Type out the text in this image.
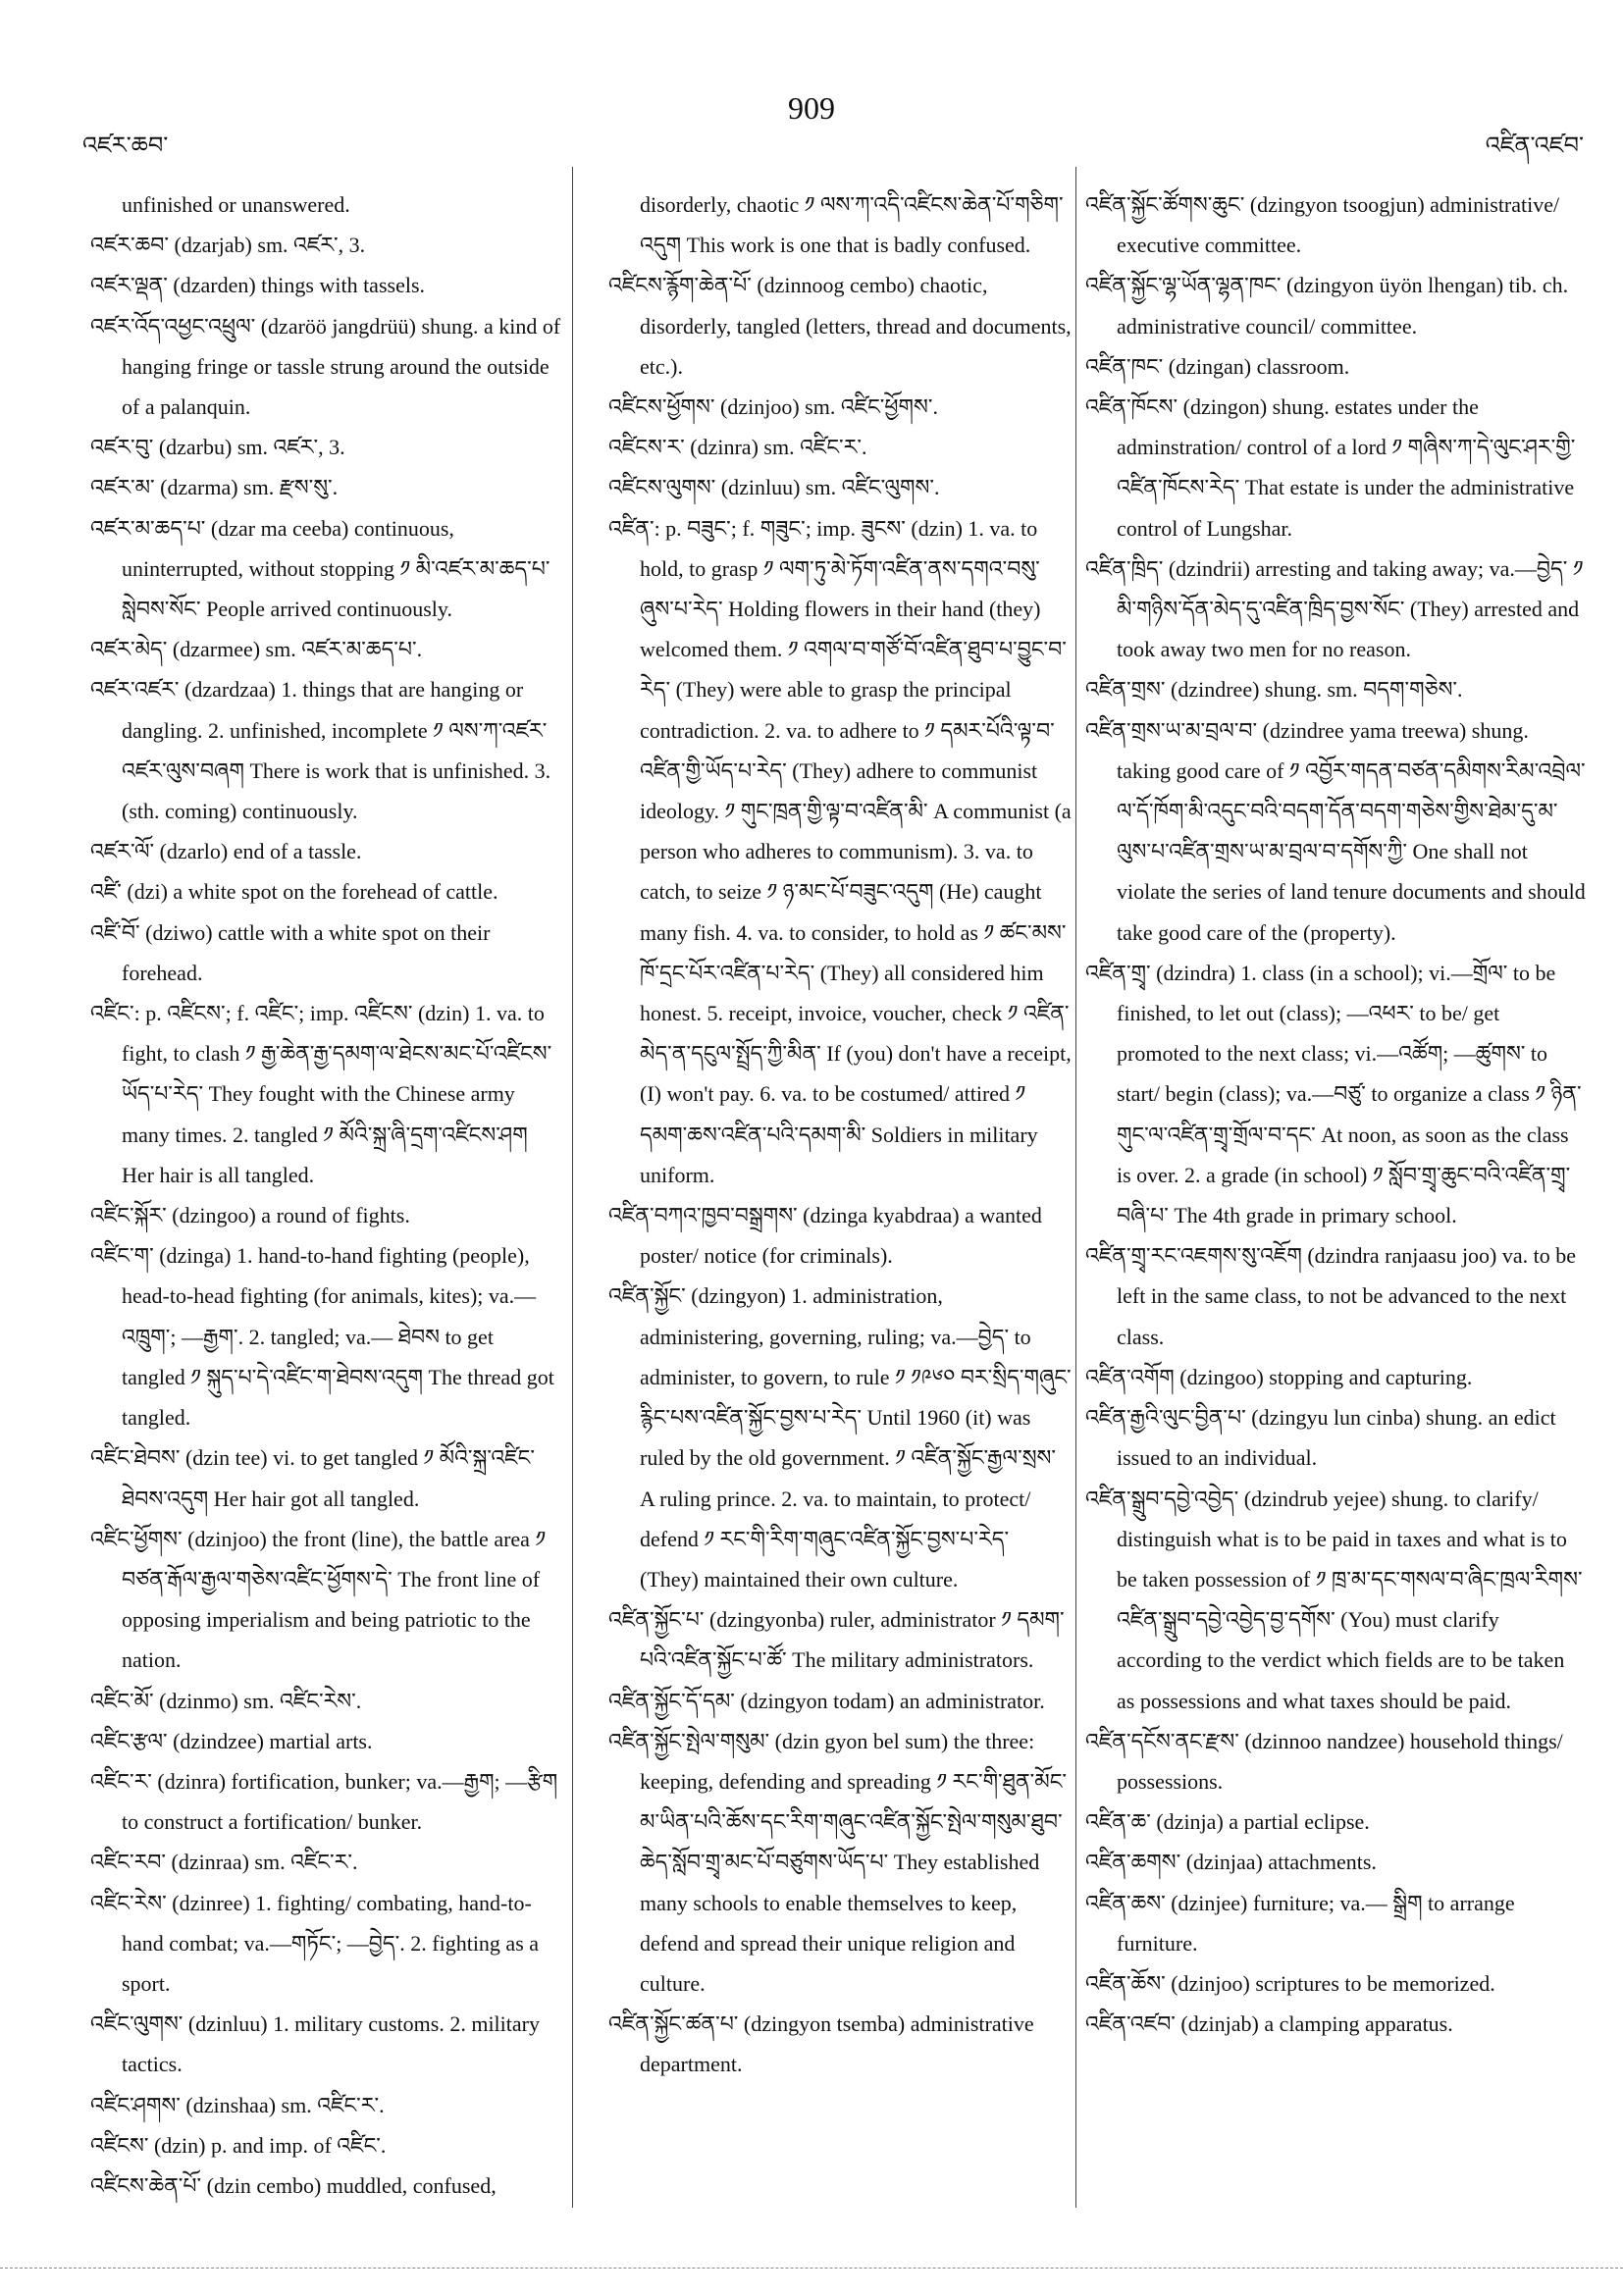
འཛར་ཆབ་
909
འཛིན་འཛབ་

unfinished or unanswered.

འཛར་ཆབ་ (dzarjab) sm. འཛར་, 3.

འཛར་ལྡན་ (dzarden) things with tassels.

འཛར་འོད་འཕྱང་འཕྲུལ་ (dzaröö jangdrüü) shung. a kind of hanging fringe or tassle strung around the outside of a palanquin.

འཛར་བུ་ (dzarbu) sm. འཛར་, 3.

འཛར་མ་ (dzarma) sm. རྫས་སུ་.

འཛར་མ་ཆད་པ་ (dzar ma ceeba) continuous, uninterrupted, without stopping ༡ མི་འཛར་མ་ཆད་པ་སླེབས་སོང་ People arrived continuously.

འཛར་མེད་ (dzarmee) sm. འཛར་མ་ཆད་པ་.

འཛར་འཛར་ (dzardzaa) 1. things that are hanging or dangling. 2. unfinished, incomplete ༡ ལས་ཀ་འཛར་འཛར་ལུས་བཞག There is work that is unfinished. 3. (sth. coming) continuously.

འཛར་ལོ་ (dzarlo) end of a tassle.

འཛི་ (dzi) a white spot on the forehead of cattle.

འཛི་བོ་ (dziwo) cattle with a white spot on their forehead.

འཛིང་: p. འཛིངས་; f. འཛིང་; imp. འཛིངས་ (dzin) 1. va. to fight, to clash ༡ རྒྱ་ཆེན་རྒྱ་དམག་ལ་ཐེངས་མང་པོ་འཛིངས་ཡོད་པ་རེད་ They fought with the Chinese army many times. 2. tangled ༡ མོའི་སྐྲ་ཞི་དྲག་འཛིངས་ཤག Her hair is all tangled.

འཛིང་སྐོར་ (dzingoo) a round of fights.

འཛིང་ག་ (dzinga) 1. hand-to-hand fighting (people), head-to-head fighting (for animals, kites); va.— འཁྲུག་; —རྒྱག་. 2. tangled; va.— ཐེབས to get tangled ༡ སྐུད་པ་དེ་འཛིང་ག་ཐེབས་འདུག The thread got tangled.

འཛིང་ཐེབས་ (dzin tee) vi. to get tangled ༡ མོའི་སྐྲ་འཛིང་ཐེབས་འདུག Her hair got all tangled.

འཛིང་ཕྱོགས་ (dzinjoo) the front (line), the battle area ༡ བཙན་རྒོལ་རྒྱལ་གཅེས་འཛིང་ཕྱོགས་དེ་ The front line of opposing imperialism and being patriotic to the nation.

འཛིང་མོ་ (dzinmo) sm. འཛིང་རེས་.

འཛིང་རྩལ་ (dzindzee) martial arts.

འཛིང་ར་ (dzinra) fortification, bunker; va.—རྒྱག; —རྩིག to construct a fortification/ bunker.

འཛིང་རབ་ (dzinraa) sm. འཛིང་ར་.

འཛིང་རེས་ (dzinree) 1. fighting/ combating, hand-to-hand combat; va.—གཏོང་; —བྱེད་. 2. fighting as a sport.

འཛིང་ལུགས་ (dzinluu) 1. military customs. 2. military tactics.

འཛིང་ཤགས་ (dzinshaa) sm. འཛིང་ར་.

འཛིངས་ (dzin) p. and imp. of འཛིང་.

འཛིངས་ཆེན་པོ་ (dzin cembo) muddled, confused,

disorderly, chaotic ༡ ལས་ཀ་འདི་འཛིངས་ཆེན་པོ་གཅིག་འདུག This work is one that is badly confused.

འཛིངས་རྙོག་ཆེན་པོ་ (dzinnoog cembo) chaotic, disorderly, tangled (letters, thread and documents, etc.).

འཛིངས་ཕྱོགས་ (dzinjoo) sm. འཛིང་ཕྱོགས་.

འཛིངས་ར་ (dzinra) sm. འཛིང་ར་.

འཛིངས་ལུགས་ (dzinluu) sm. འཛིང་ལུགས་.

འཛིན་: p. བཟུང་; f. གཟུང་; imp. ཟུངས་ (dzin) 1. va. to hold, to grasp ༡ ལག་ཏུ་མེ་ཏོག་འཛིན་ནས་དགའ་བསུ་ཞུས་པ་རེད་ Holding flowers in their hand (they) welcomed them. ༡ འགལ་བ་གཙོ་བོ་འཛིན་ཐུབ་པ་བྱུང་བ་རེད་ (They) were able to grasp the principal contradiction. 2. va. to adhere to ༡ དམར་པོའི་ལྟ་བ་འཛིན་གྱི་ཡོད་པ་རེད་ (They) adhere to communist ideology. ༡ གུང་ཁྲན་གྱི་ལྟ་བ་འཛིན་མི་ A communist (a person who adheres to communism). 3. va. to catch, to seize ༡ ཉ་མང་པོ་བཟུང་འདུག (He) caught many fish. 4. va. to consider, to hold as ༡ ཚང་མས་ཁོ་དྲང་པོར་འཛིན་པ་རེད་ (They) all considered him honest. 5. receipt, invoice, voucher, check ༡ འཛིན་མེད་ན་དངུལ་སྤྲོད་ཀྱི་མིན་ If (you) don't have a receipt, (I) won't pay. 6. va. to be costumed/ attired ༡ དམག་ཆས་འཛིན་པའི་དམག་མི་ Soldiers in military uniform.

འཛིན་བཀའ་ཁྱབ་བསྒྲགས་ (dzinga kyabdraa) a wanted poster/ notice (for criminals).

འཛིན་སྐྱོང་ (dzingyon) 1. administration, administering, governing, ruling; va.—བྱེད་ to administer, to govern, to rule ༡ ༡༩༦༠ བར་སྲིད་གཞུང་རྙིང་པས་འཛིན་སྐྱོང་བྱས་པ་རེད་ Until 1960 (it) was ruled by the old government. ༡ འཛིན་སྐྱོང་རྒྱལ་སྲས་ A ruling prince. 2. va. to maintain, to protect/ defend ༡ རང་གི་རིག་གཞུང་འཛིན་སྐྱོང་བྱས་པ་རེད་ (They) maintained their own culture.

འཛིན་སྐྱོང་པ་ (dzingyonba) ruler, administrator ༡ དམག་པའི་འཛིན་སྐྱོང་པ་ཚོ་ The military administrators.

འཛིན་སྐྱོང་དོ་དམ་ (dzingyon todam) an administrator.

འཛིན་སྐྱོང་སྤེལ་གསུམ་ (dzin gyon bel sum) the three: keeping, defending and spreading ༡ རང་གི་ཐུན་མོང་མ་ཡིན་པའི་ཆོས་དང་རིག་གཞུང་འཛིན་སྐྱོང་སྤེལ་གསུམ་ཐུབ་ཆེད་སློབ་གྲྭ་མང་པོ་བཙུགས་ཡོད་པ་ They established many schools to enable themselves to keep, defend and spread their unique religion and culture.

འཛིན་སྐྱོང་ཚན་པ་ (dzingyon tsemba) administrative department.

འཛིན་སྐྱོང་ཚོགས་ཆུང་ (dzingyon tsoogjun) administrative/ executive committee.

འཛིན་སྐྱོང་ལྷ་ཡོན་ལྷན་ཁང་ (dzingyon üyön lhengan) tib. ch. administrative council/ committee.

འཛིན་ཁང་ (dzingan) classroom.

འཛིན་ཁོངས་ (dzingon) shung. estates under the adminstration/ control of a lord ༡ གཞིས་ཀ་དེ་ལུང་ཤར་གྱི་འཛིན་ཁོངས་རེད་ That estate is under the administrative control of Lungshar.

འཛིན་ཁྲིད་ (dzindrii) arresting and taking away; va.—བྱེད་ ༡ མི་གཉིས་དོན་མེད་དུ་འཛིན་ཁྲིད་བྱས་སོང་ (They) arrested and took away two men for no reason.

འཛིན་གྲས་ (dzindree) shung. sm. བདག་གཅེས་.

འཛིན་གྲས་ཡ་མ་བྲལ་བ་ (dzindree yama treewa) shung. taking good care of ༡ འབྱོར་གདན་བཙན་དམིགས་རིམ་འབྲེལ་ལ་དོ་ཁོག་མི་འདུང་བའི་བདག་དོན་བདག་གཅེས་གྱིས་ཐེམ་དུ་མ་ལུས་པ་འཛིན་གྲས་ཡ་མ་བྲལ་བ་དགོས་ཀྱི་ One shall not violate the series of land tenure documents and should take good care of the (property).

འཛིན་གྲྭ་ (dzindra) 1. class (in a school); vi.—གྲོལ་ to be finished, to let out (class); —འཕར་ to be/ get promoted to the next class; vi.—འཚོག; —ཚུགས་ to start/ begin (class); va.—བཙུ་ to organize a class ༡ ཉིན་གུང་ལ་འཛིན་གྲྭ་གྲོལ་བ་དང་ At noon, as soon as the class is over. 2. a grade (in school) ༡ སློབ་གྲྭ་ཆུང་བའི་འཛིན་གྲྭ་བཞི་པ་ The 4th grade in primary school.

འཛིན་གྲྭ་རང་འཇགས་སུ་འཇོག (dzindra ranjaasu joo) va. to be left in the same class, to not be advanced to the next class.

འཛིན་འགོག (dzingoo) stopping and capturing.

འཛིན་རྒྱའི་ལུང་བྱིན་པ་ (dzingyu lun cinba) shung. an edict issued to an individual.

འཛིན་སྒྲུབ་དབྱེ་འབྱེད་ (dzindrub yejee) shung. to clarify/ distinguish what is to be paid in taxes and what is to be taken possession of ༡ ཁྲ་མ་དང་གསལ་བ་ཞིང་ཁྲལ་རིགས་འཛིན་སྒྲུབ་དབྱེ་འབྱེད་བྱ་དགོས་ (You) must clarify according to the verdict which fields are to be taken as possessions and what taxes should be paid.

འཛིན་དངོས་ནང་རྫས་ (dzinnoo nandzee) household things/ possessions.

འཛིན་ཆ་ (dzinja) a partial eclipse.

འཛིན་ཆགས་ (dzinjaa) attachments.

འཛིན་ཆས་ (dzinjee) furniture; va.— སྒྲིག to arrange furniture.

འཛིན་ཆོས་ (dzinjoo) scriptures to be memorized.

འཛིན་འཛབ་ (dzinjab) a clamping apparatus.
